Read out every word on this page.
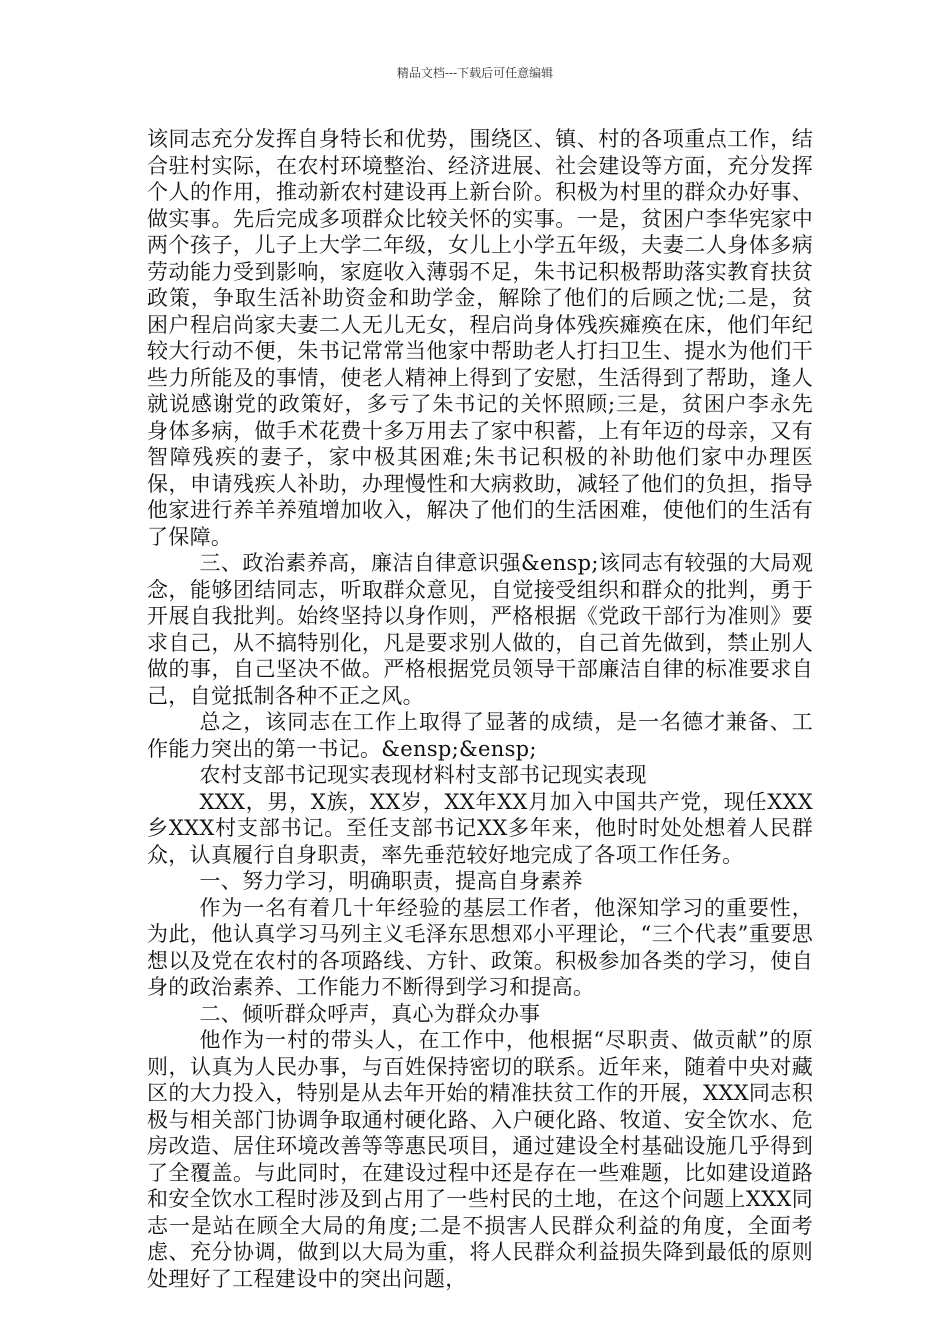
精品文档---下载后可任意编辑

该同志充分发挥自身特长和优势，围绕区、镇、村的各项重点工作，结合驻村实际，在农村环境整治、经济进展、社会建设等方面，充分发挥个人的作用，推动新农村建设再上新台阶。积极为村里的群众办好事、做实事。先后完成多项群众比较关怀的实事。一是，贫困户李华宪家中两个孩子，儿子上大学二年级，女儿上小学五年级，夫妻二人身体多病劳动能力受到影响，家庭收入薄弱不足，朱书记积极帮助落实教育扶贫政策，争取生活补助资金和助学金，解除了他们的后顾之忧;二是，贫困户程启尚家夫妻二人无儿无女，程启尚身体残疾瘫痪在床，他们年纪较大行动不便，朱书记常常当他家中帮助老人打扫卫生、提水为他们干些力所能及的事情，使老人精神上得到了安慰，生活得到了帮助，逢人就说感谢党的政策好，多亏了朱书记的关怀照顾;三是，贫困户李永先身体多病，做手术花费十多万用去了家中积蓄，上有年迈的母亲，又有智障残疾的妻子，家中极其困难;朱书记积极的补助他们家中办理医保，申请残疾人补助，办理慢性和大病救助，减轻了他们的负担，指导他家进行养羊养殖增加收入，解决了他们的生活困难，使他们的生活有了保障。

三、政治素养高，廉洁自律意识强&ensp;该同志有较强的大局观念，能够团结同志，听取群众意见，自觉接受组织和群众的批判，勇于开展自我批判。始终坚持以身作则，严格根据《党政干部行为准则》要求自己，从不搞特别化，凡是要求别人做的，自己首先做到，禁止别人做的事，自己坚决不做。严格根据党员领导干部廉洁自律的标准要求自己，自觉抵制各种不正之风。

总之，该同志在工作上取得了显著的成绩，是一名德才兼备、工作能力突出的第一书记。&ensp;&ensp;

农村支部书记现实表现材料村支部书记现实表现

XXX，男，X族，XX岁，XX年XX月加入中国共产党，现任XXX乡XXX村支部书记。至任支部书记XX多年来，他时时处处想着人民群众，认真履行自身职责，率先垂范较好地完成了各项工作任务。

一、努力学习，明确职责，提高自身素养

作为一名有着几十年经验的基层工作者，他深知学习的重要性，为此，他认真学习马列主义毛泽东思想邓小平理论，“三个代表”重要思想以及党在农村的各项路线、方针、政策。积极参加各类的学习，使自身的政治素养、工作能力不断得到学习和提高。

二、倾听群众呼声，真心为群众办事

他作为一村的带头人，在工作中，他根据“尽职责、做贡献”的原则，认真为人民办事，与百姓保持密切的联系。近年来，随着中央对藏区的大力投入，特别是从去年开始的精准扶贫工作的开展，XXX同志积极与相关部门协调争取通村硬化路、入户硬化路、牧道、安全饮水、危房改造、居住环境改善等等惠民项目，通过建设全村基础设施几乎得到了全覆盖。与此同时，在建设过程中还是存在一些难题，比如建设道路和安全饮水工程时涉及到占用了一些村民的土地，在这个问题上XXX同志一是站在顾全大局的角度;二是不损害人民群众利益的角度，全面考虑、充分协调，做到以大局为重，将人民群众利益损失降到最低的原则处理好了工程建设中的突出问题，
